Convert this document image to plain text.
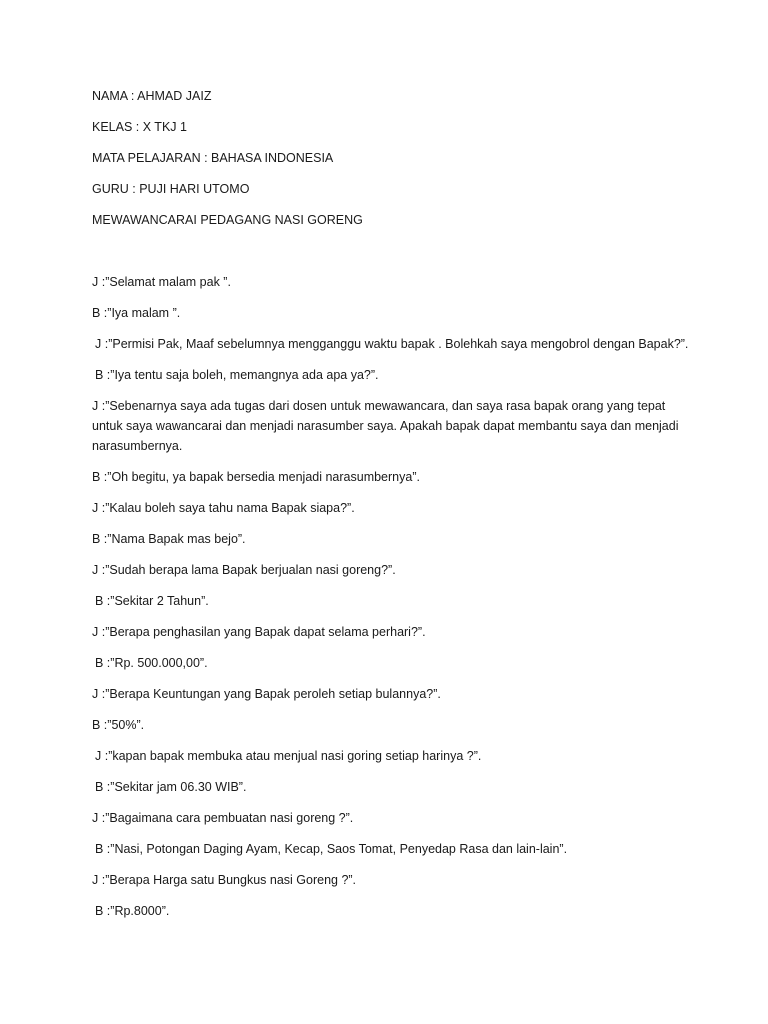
NAMA : AHMAD JAIZ
KELAS : X TKJ 1
MATA PELAJARAN : BAHASA INDONESIA
GURU : PUJI HARI UTOMO
MEWAWANCARAI PEDAGANG NASI GORENG

J :”Selamat malam pak ”.

B :”Iya malam ”.

J :”Permisi Pak, Maaf sebelumnya mengganggu waktu bapak . Bolehkah saya mengobrol dengan Bapak?”.

B :”Iya tentu saja boleh, memangnya ada apa ya?”.

J :”Sebenarnya saya ada tugas dari dosen untuk mewawancara, dan saya rasa bapak orang yang tepat untuk saya wawancarai dan menjadi narasumber saya. Apakah bapak dapat membantu saya dan menjadi narasumbernya.

B :”Oh begitu, ya bapak bersedia menjadi narasumbernya”.

J :”Kalau boleh saya tahu nama Bapak siapa?”.

B :”Nama Bapak mas bejo”.

J :”Sudah berapa lama Bapak berjualan nasi goreng?”.

B :”Sekitar 2 Tahun”.

J :”Berapa penghasilan yang Bapak dapat selama perhari?”.

B :”Rp. 500.000,00”.

J :”Berapa Keuntungan yang Bapak peroleh setiap bulannya?”.

B :”50%”.

J :”kapan bapak membuka atau menjual nasi goring setiap harinya ?”.

B :”Sekitar jam 06.30 WIB”.

J :”Bagaimana cara pembuatan nasi goreng ?”.

B :”Nasi, Potongan Daging Ayam, Kecap, Saos Tomat, Penyedap Rasa dan lain-lain”.

J :”Berapa Harga satu Bungkus nasi Goreng ?”.

B :”Rp.8000”.
